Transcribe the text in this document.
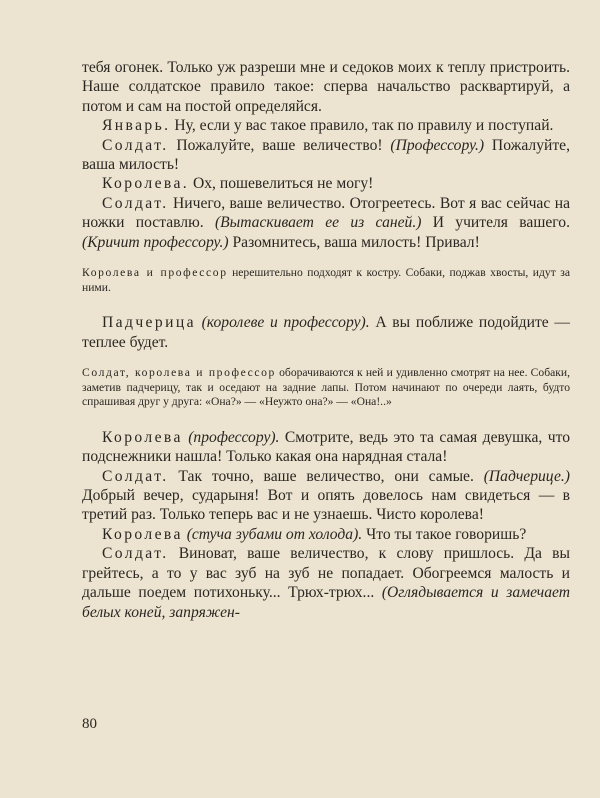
тебя огонек. Только уж разреши мне и седоков моих к теплу пристроить. Наше солдатское правило такое: сперва начальство расквартируй, а потом и сам на постой определяйся.

Январь. Ну, если у вас такое правило, так по правилу и поступай.

Солдат. Пожалуйте, ваше величество! (Профессору.) Пожалуйте, ваша милость!

Королева. Ох, пошевелиться не могу!

Солдат. Ничего, ваше величество. Отогреетесь. Вот я вас сейчас на ножки поставлю. (Вытаскивает ее из саней.) И учителя вашего. (Кричит профессору.) Разомнитесь, ваша милость! Привал!

Королева и профессор нерешительно подходят к костру. Собаки, поджав хвосты, идут за ними.

Падчерица (королеве и профессору). А вы поближе подойдите — теплее будет.

Солдат, королева и профессор оборачиваются к ней и удивленно смотрят на нее. Собаки, заметив падчерицу, так и оседают на задние лапы. Потом начинают по очереди лаять, будто спрашивая друг у друга: «Она?» — «Неужто она?» — «Она!..»

Королева (профессору). Смотрите, ведь это та самая девушка, что подснежники нашла! Только какая она нарядная стала!

Солдат. Так точно, ваше величество, они самые. (Падчерице.) Добрый вечер, сударыня! Вот и опять довелось нам свидеться — в третий раз. Только теперь вас и не узнаешь. Чисто королева!

Королева (стуча зубами от холода). Что ты такое говоришь?

Солдат. Виноват, ваше величество, к слову пришлось. Да вы грейтесь, а то у вас зуб на зуб не попадает. Обогреемся малость и дальше поедем потихоньку... Трюх-трюх... (Оглядывается и замечает белых коней, запряжен-

80
